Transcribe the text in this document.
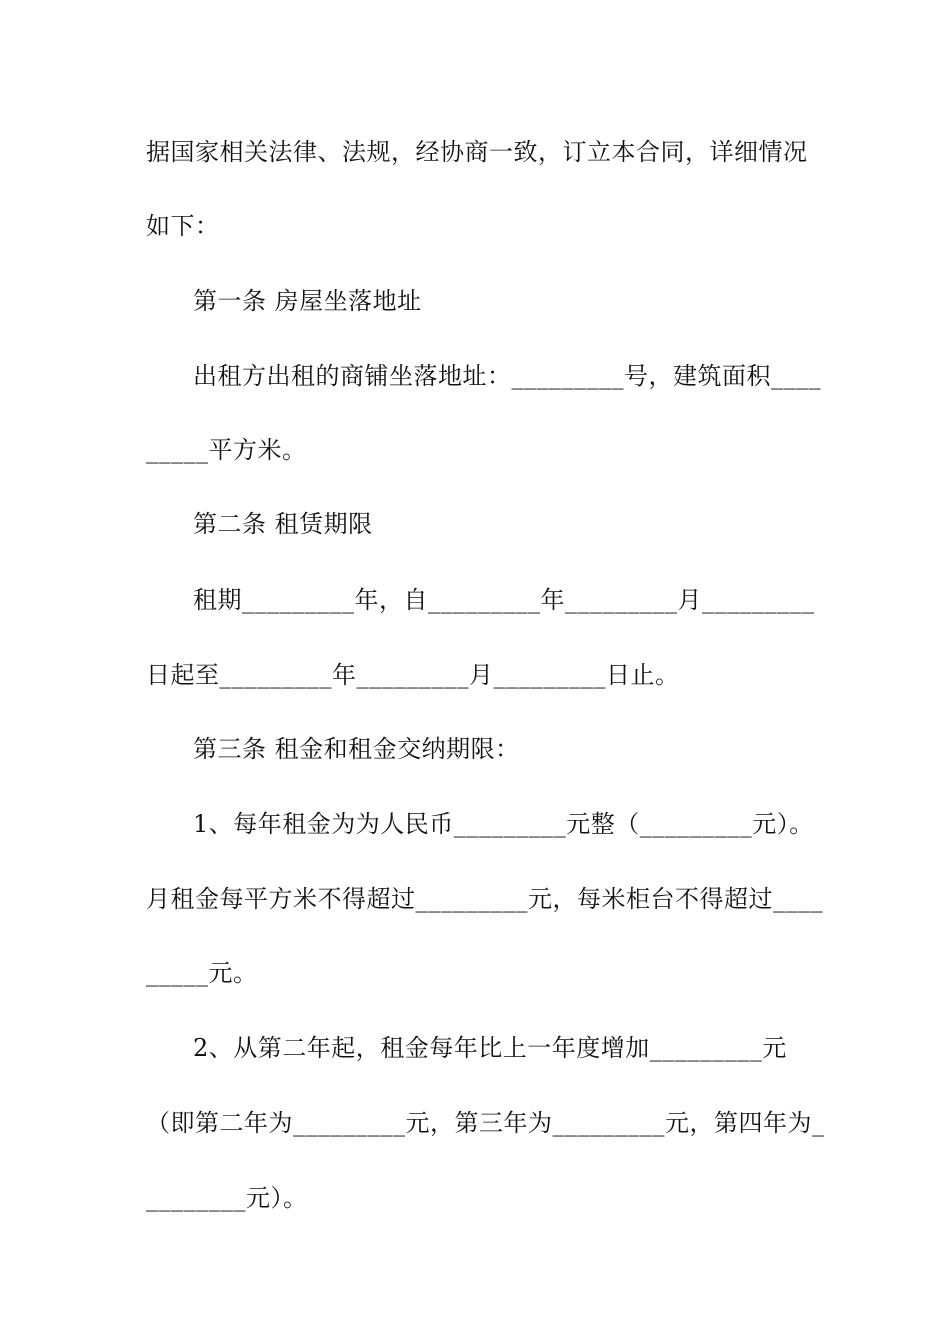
据国家相关法律、法规，经协商一致，订立本合同，详细情况
如下：
第一条 房屋坐落地址
出租方出租的商铺坐落地址：_________号，建筑面积____
_____平方米。
第二条 租赁期限
租期_________年，自_________年_________月_________
日起至_________年_________月_________日止。
第三条 租金和租金交纳期限：
1、每年租金为为人民币_________元整（_________元）。
月租金每平方米不得超过_________元，每米柜台不得超过____
_____元。
2、从第二年起，租金每年比上一年度增加_________元
（即第二年为_________元，第三年为_________元，第四年为_
________元）。
